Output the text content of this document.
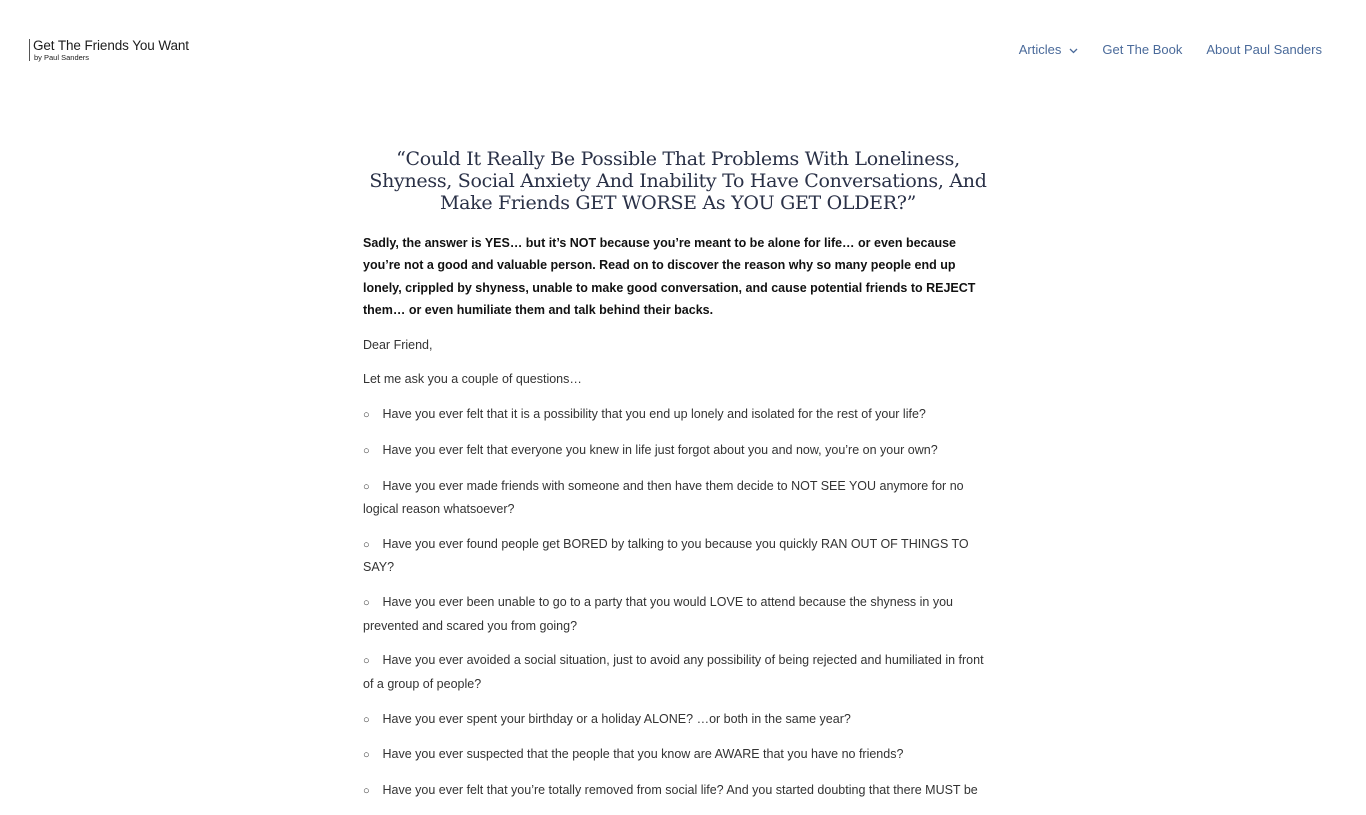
Get The Friends You Want
by Paul Sanders	Articles	Get The Book About Paul Sanders
“Could It Really Be Possible That Problems With Loneliness, Shyness, Social Anxiety And Inability To Have Conversations, And Make Friends GET WORSE As YOU GET OLDER?”

Sadly, the answer is YES… but it’s NOT because you’re meant to be alone for life… or even because you’re not a good and valuable person. Read on to discover the reason why so many people end up lonely, crippled by shyness, unable to make good conversation, and cause potential friends to REJECT them… or even humiliate them and talk behind their backs.

Dear Friend,

Let me ask you a couple of questions…

○ Have you ever felt that it is a possibility that you end up lonely and isolated for the rest of your life?

○ Have you ever felt that everyone you knew in life just forgot about you and now, you’re on your own?

○ Have you ever made friends with someone and then have them decide to NOT SEE YOU anymore for no logical reason whatsoever?

○ Have you ever found people get BORED by talking to you because you quickly RAN OUT OF THINGS TO SAY?

○ Have you ever been unable to go to a party that you would LOVE to attend because the shyness in you prevented and scared you from going?

○ Have you ever avoided a social situation, just to avoid any possibility of being rejected and humiliated in front of a group of people?

○ Have you ever spent your birthday or a holiday ALONE? …or both in the same year?

○ Have you ever suspected that the people that you know are AWARE that you have no friends?

○ Have you ever felt that you’re totally removed from social life? And you started doubting that there MUST be
